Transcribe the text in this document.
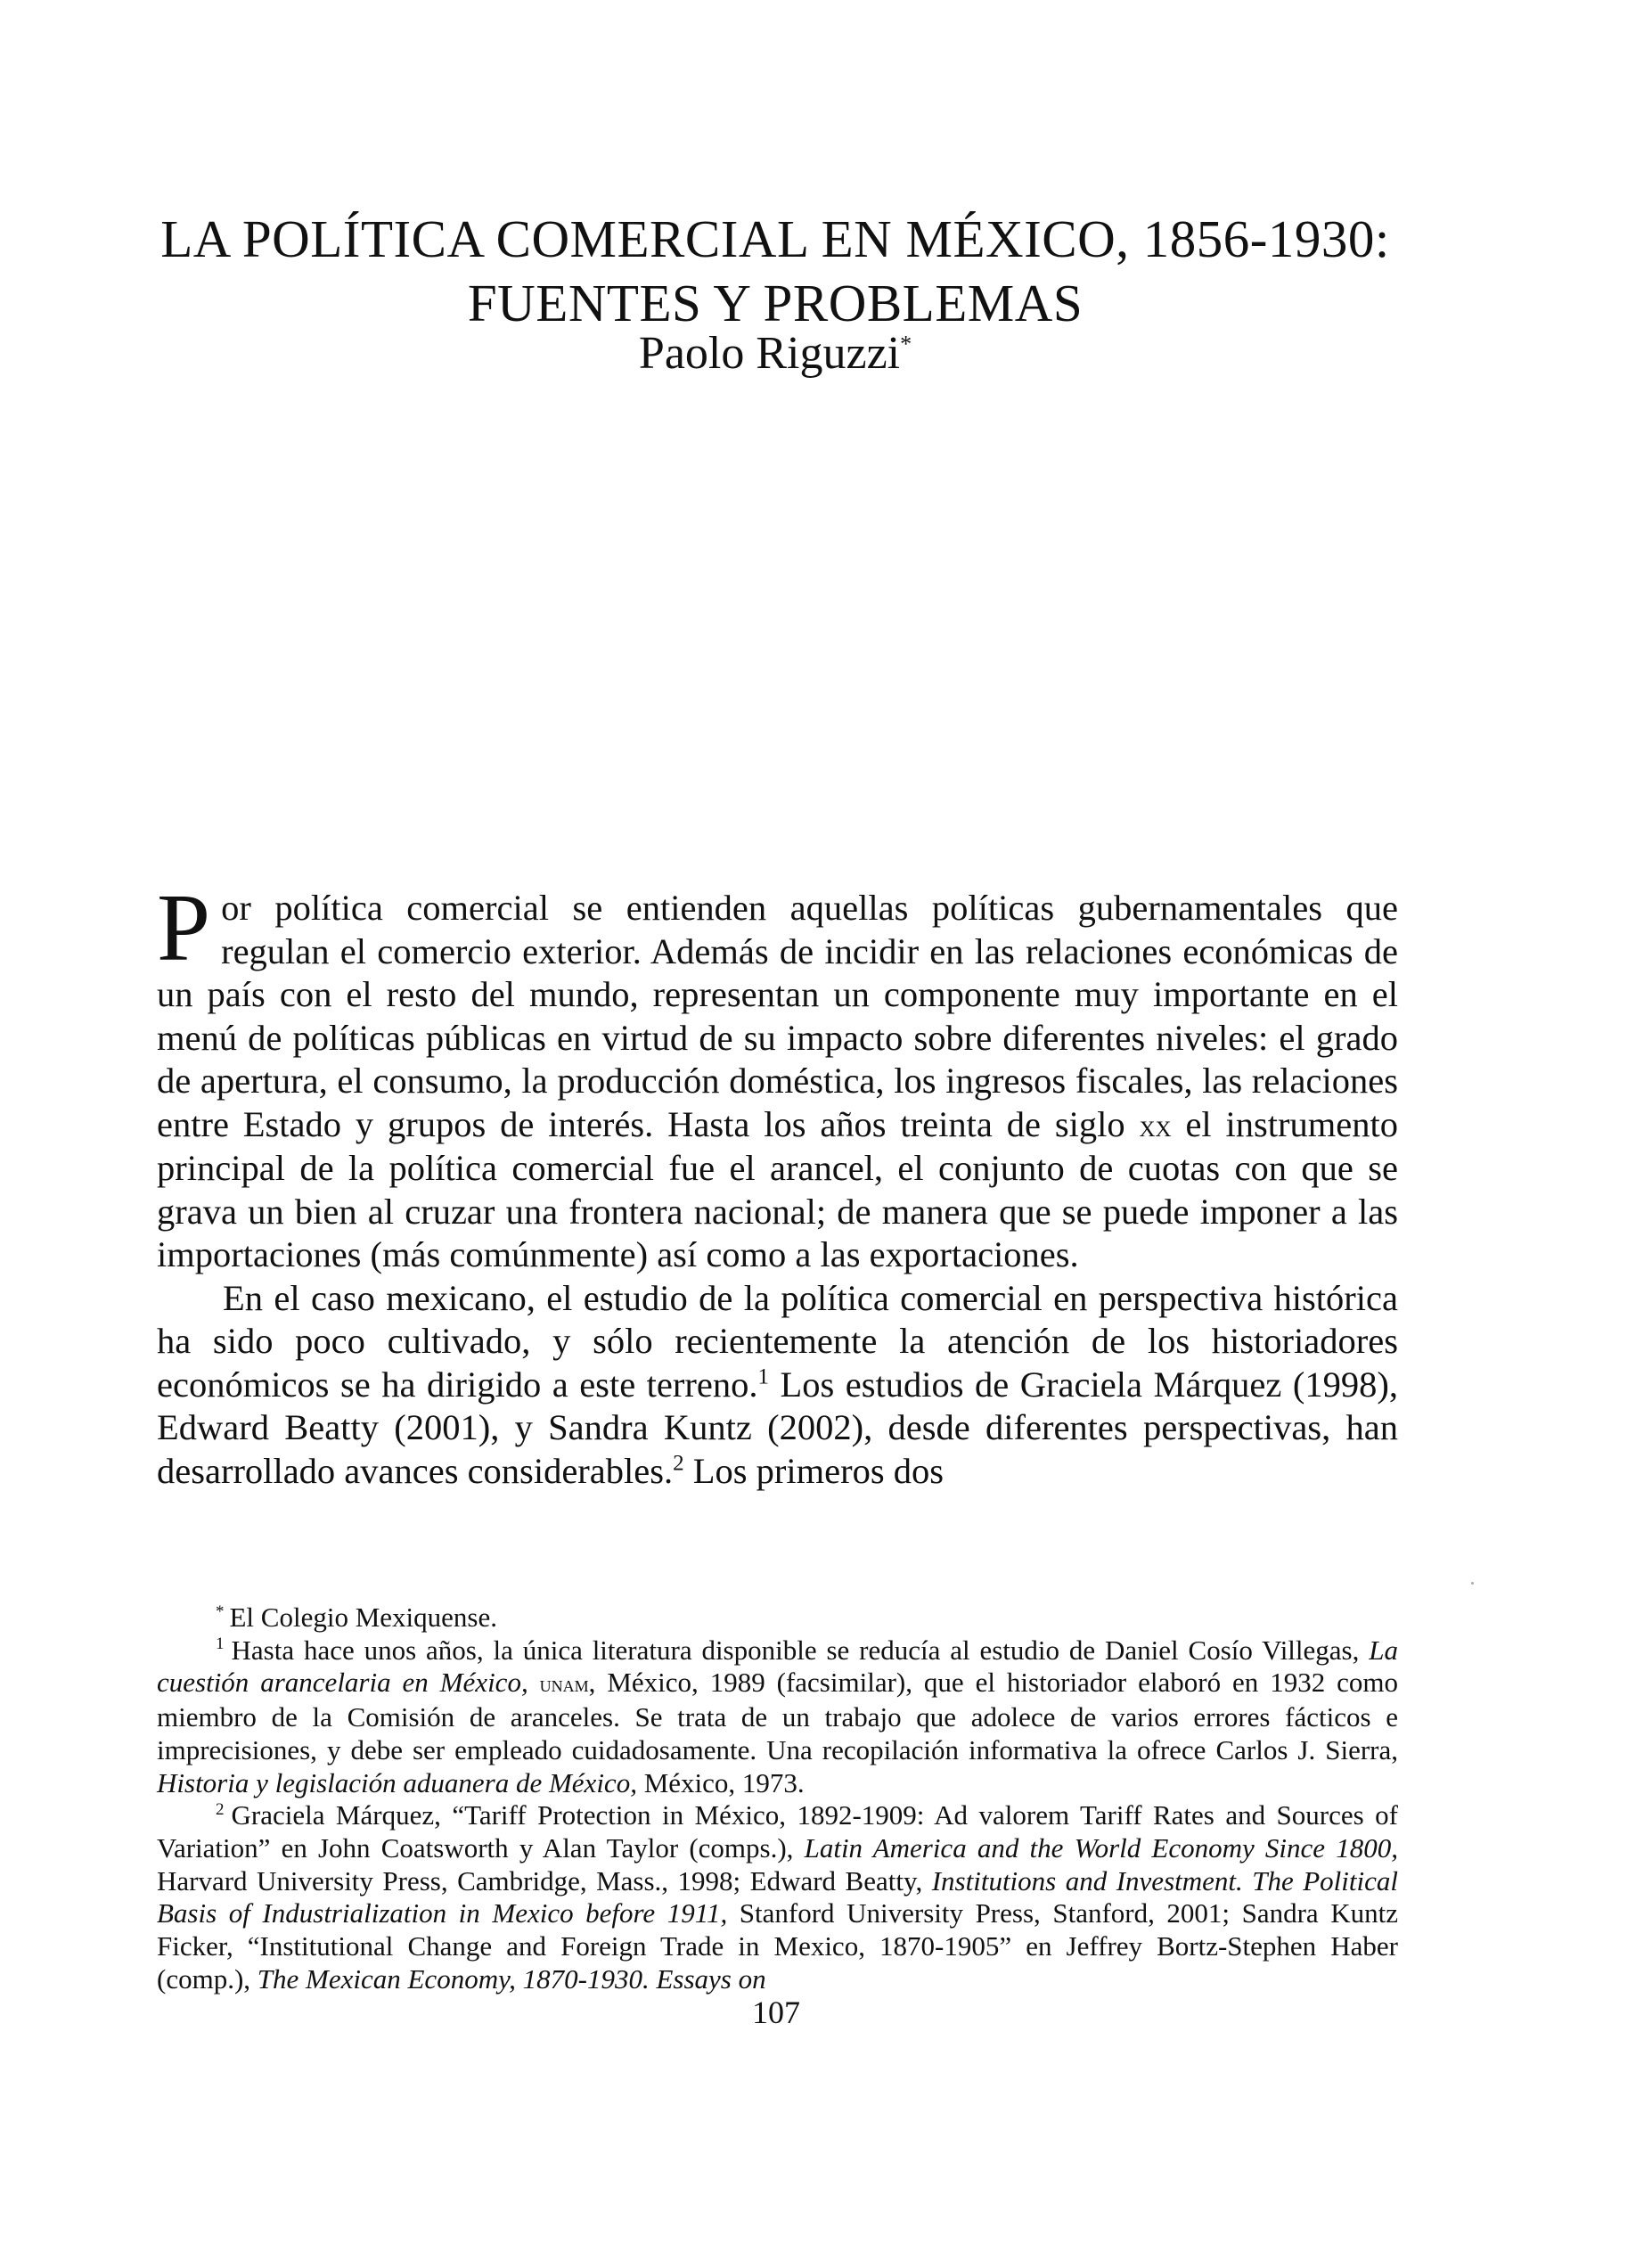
LA POLÍTICA COMERCIAL EN MÉXICO, 1856-1930:
FUENTES Y PROBLEMAS
Paolo Riguzzi*

Por política comercial se entienden aquellas políticas gubernamentales que regulan el comercio exterior. Además de incidir en las relaciones económicas de un país con el resto del mundo, representan un componente muy importante en el menú de políticas públicas en virtud de su impacto sobre diferentes niveles: el grado de apertura, el consumo, la producción doméstica, los ingresos fiscales, las relaciones entre Estado y grupos de interés. Hasta los años treinta de siglo xx el instrumento principal de la política comercial fue el arancel, el conjunto de cuotas con que se grava un bien al cruzar una frontera nacional; de manera que se puede imponer a las importaciones (más comúnmente) así como a las exportaciones.

En el caso mexicano, el estudio de la política comercial en perspectiva histórica ha sido poco cultivado, y sólo recientemente la atención de los historiadores económicos se ha dirigido a este terreno.$^1$ Los estudios de Graciela Márquez (1998), Edward Beatty (2001), y Sandra Kuntz (2002), desde diferentes perspectivas, han desarrollado avances considerables.$^2$ Los primeros dos

* El Colegio Mexiquense.

$^1$ Hasta hace unos años, la única literatura disponible se reducía al estudio de Daniel Cosío Villegas, La cuestión arancelaria en México, unam, México, 1989 (facsimilar), que el historiador elaboró en 1932 como miembro de la Comisión de aranceles. Se trata de un trabajo que adolece de varios errores fácticos e imprecisiones, y debe ser empleado cuidadosamente. Una recopilación informativa la ofrece Carlos J. Sierra, Historia y legislación aduanera de México, México, 1973.

$^2$ Graciela Márquez, “Tariff Protection in México, 1892-1909: Ad valorem Tariff Rates and Sources of Variation” en John Coatsworth y Alan Taylor (comps.), Latin America and the World Economy Since 1800, Harvard University Press, Cambridge, Mass., 1998; Edward Beatty, Institutions and Investment. The Political Basis of Industrialization in Mexico before 1911, Stanford University Press, Stanford, 2001; Sandra Kuntz Ficker, “Institutional Change and Foreign Trade in Mexico, 1870-1905” en Jeffrey Bortz-Stephen Haber (comp.), The Mexican Economy, 1870-1930. Essays on

107
